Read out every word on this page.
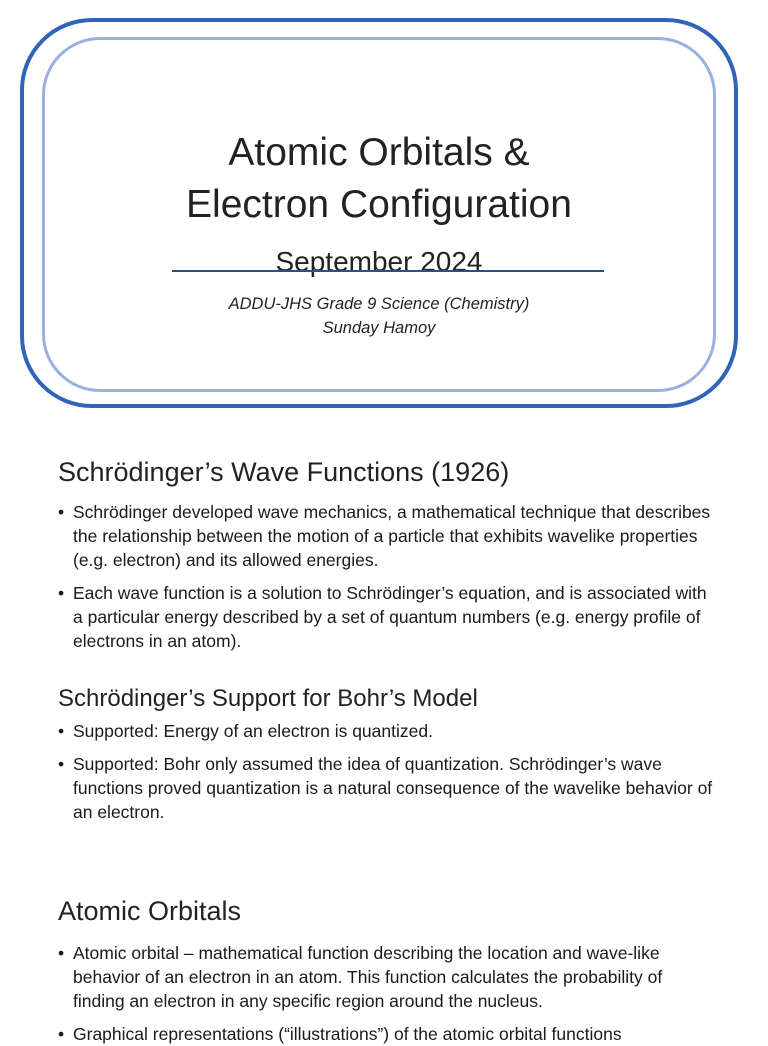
Atomic Orbitals &
Electron Configuration
September 2024
ADDU-JHS Grade 9 Science (Chemistry)
Sunday Hamoy
Schrödinger’s Wave Functions (1926)
• Schrödinger developed wave mechanics, a mathematical technique that describes the relationship between the motion of a particle that exhibits wavelike properties (e.g. electron) and its allowed energies.
• Each wave function is a solution to Schrödinger’s equation, and is associated with a particular energy described by a set of quantum numbers (e.g. energy profile of electrons in an atom).
Schrödinger’s Support for Bohr’s Model
• Supported: Energy of an electron is quantized.
• Supported: Bohr only assumed the idea of quantization. Schrödinger’s wave functions proved quantization is a natural consequence of the wavelike behavior of an electron.
Atomic Orbitals
• Atomic orbital – mathematical function describing the location and wave-like behavior of an electron in an atom. This function calculates the probability of finding an electron in any specific region around the nucleus.
• Graphical representations (“illustrations”) of the atomic orbital functions
